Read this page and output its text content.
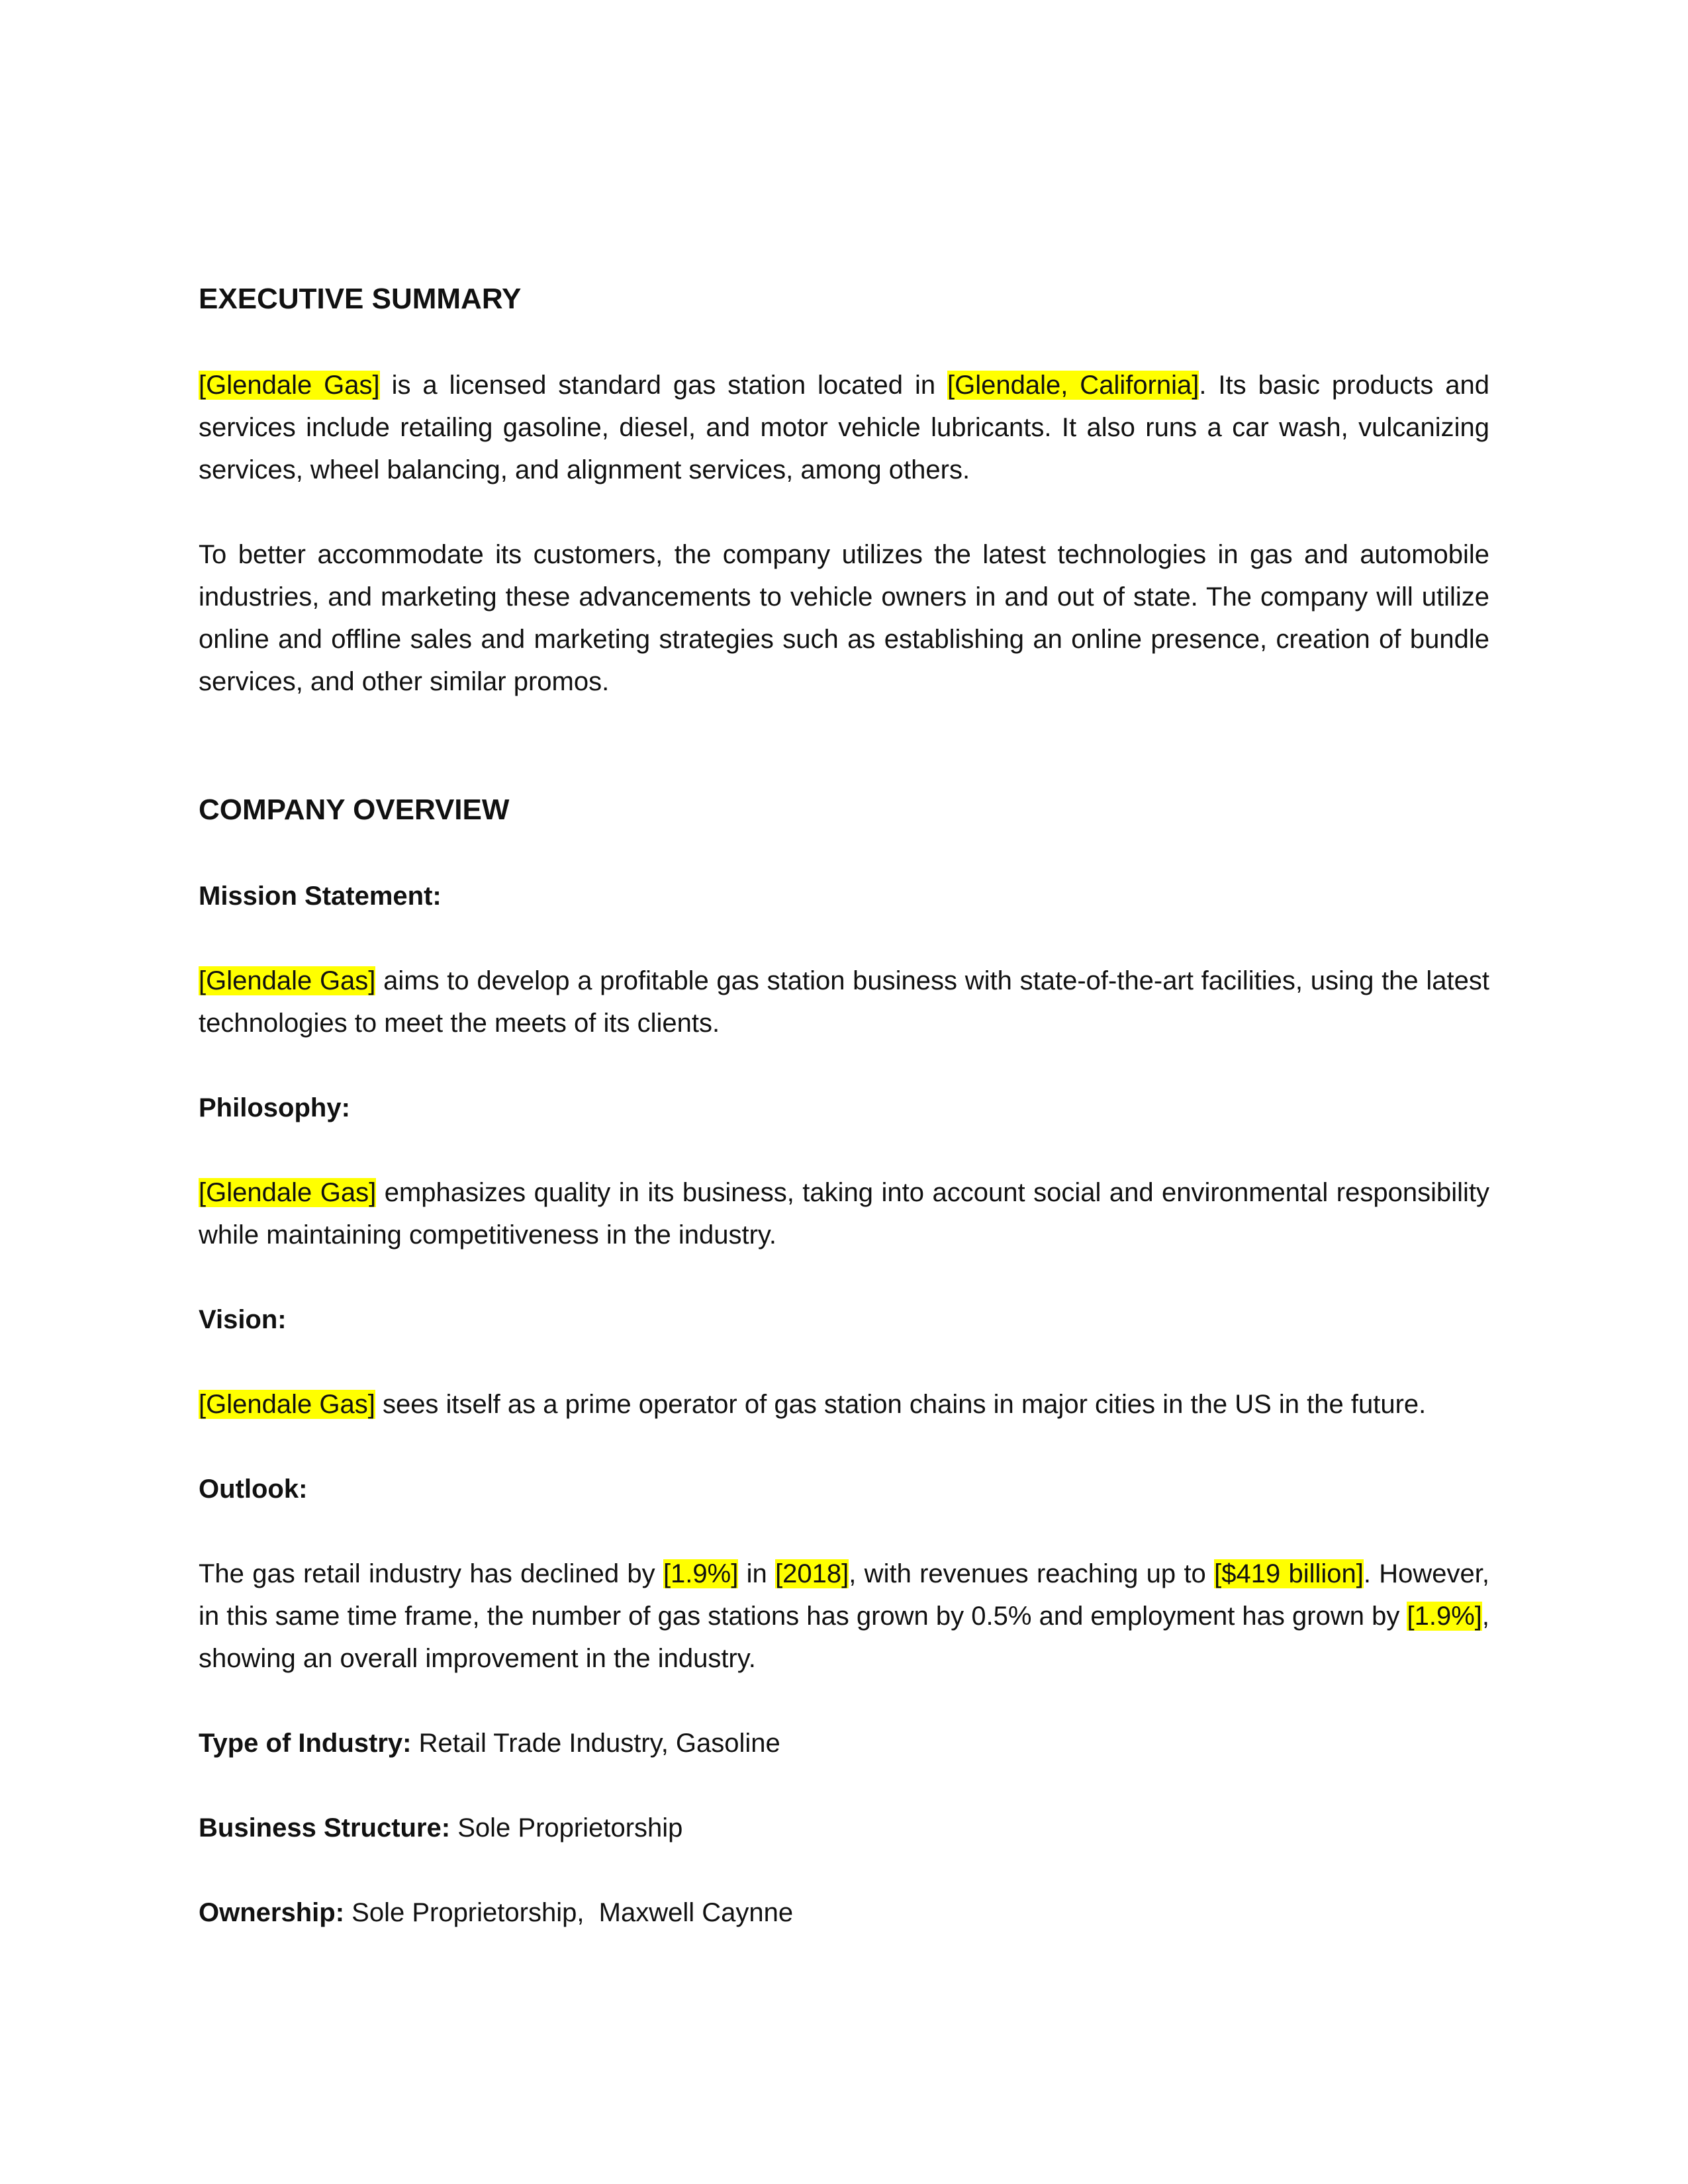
EXECUTIVE SUMMARY

[Glendale Gas] is a licensed standard gas station located in [Glendale, California]. Its basic products and services include retailing gasoline, diesel, and motor vehicle lubricants. It also runs a car wash, vulcanizing services, wheel balancing, and alignment services, among others.

To better accommodate its customers, the company utilizes the latest technologies in gas and automobile industries, and marketing these advancements to vehicle owners in and out of state. The company will utilize online and offline sales and marketing strategies such as establishing an online presence, creation of bundle services, and other similar promos.

COMPANY OVERVIEW
Mission Statement:

[Glendale Gas] aims to develop a profitable gas station business with state-of-the-art facilities, using the latest technologies to meet the meets of its clients.

Philosophy:

[Glendale Gas] emphasizes quality in its business, taking into account social and environmental responsibility while maintaining competitiveness in the industry.

Vision:

[Glendale Gas] sees itself as a prime operator of gas station chains in major cities in the US in the future.

Outlook:

The gas retail industry has declined by [1.9%] in [2018], with revenues reaching up to [$419 billion]. However, in this same time frame, the number of gas stations has grown by 0.5% and employment has grown by [1.9%], showing an overall improvement in the industry.

Type of Industry: Retail Trade Industry, Gasoline

Business Structure: Sole Proprietorship

Ownership: Sole Proprietorship,  Maxwell Caynne
